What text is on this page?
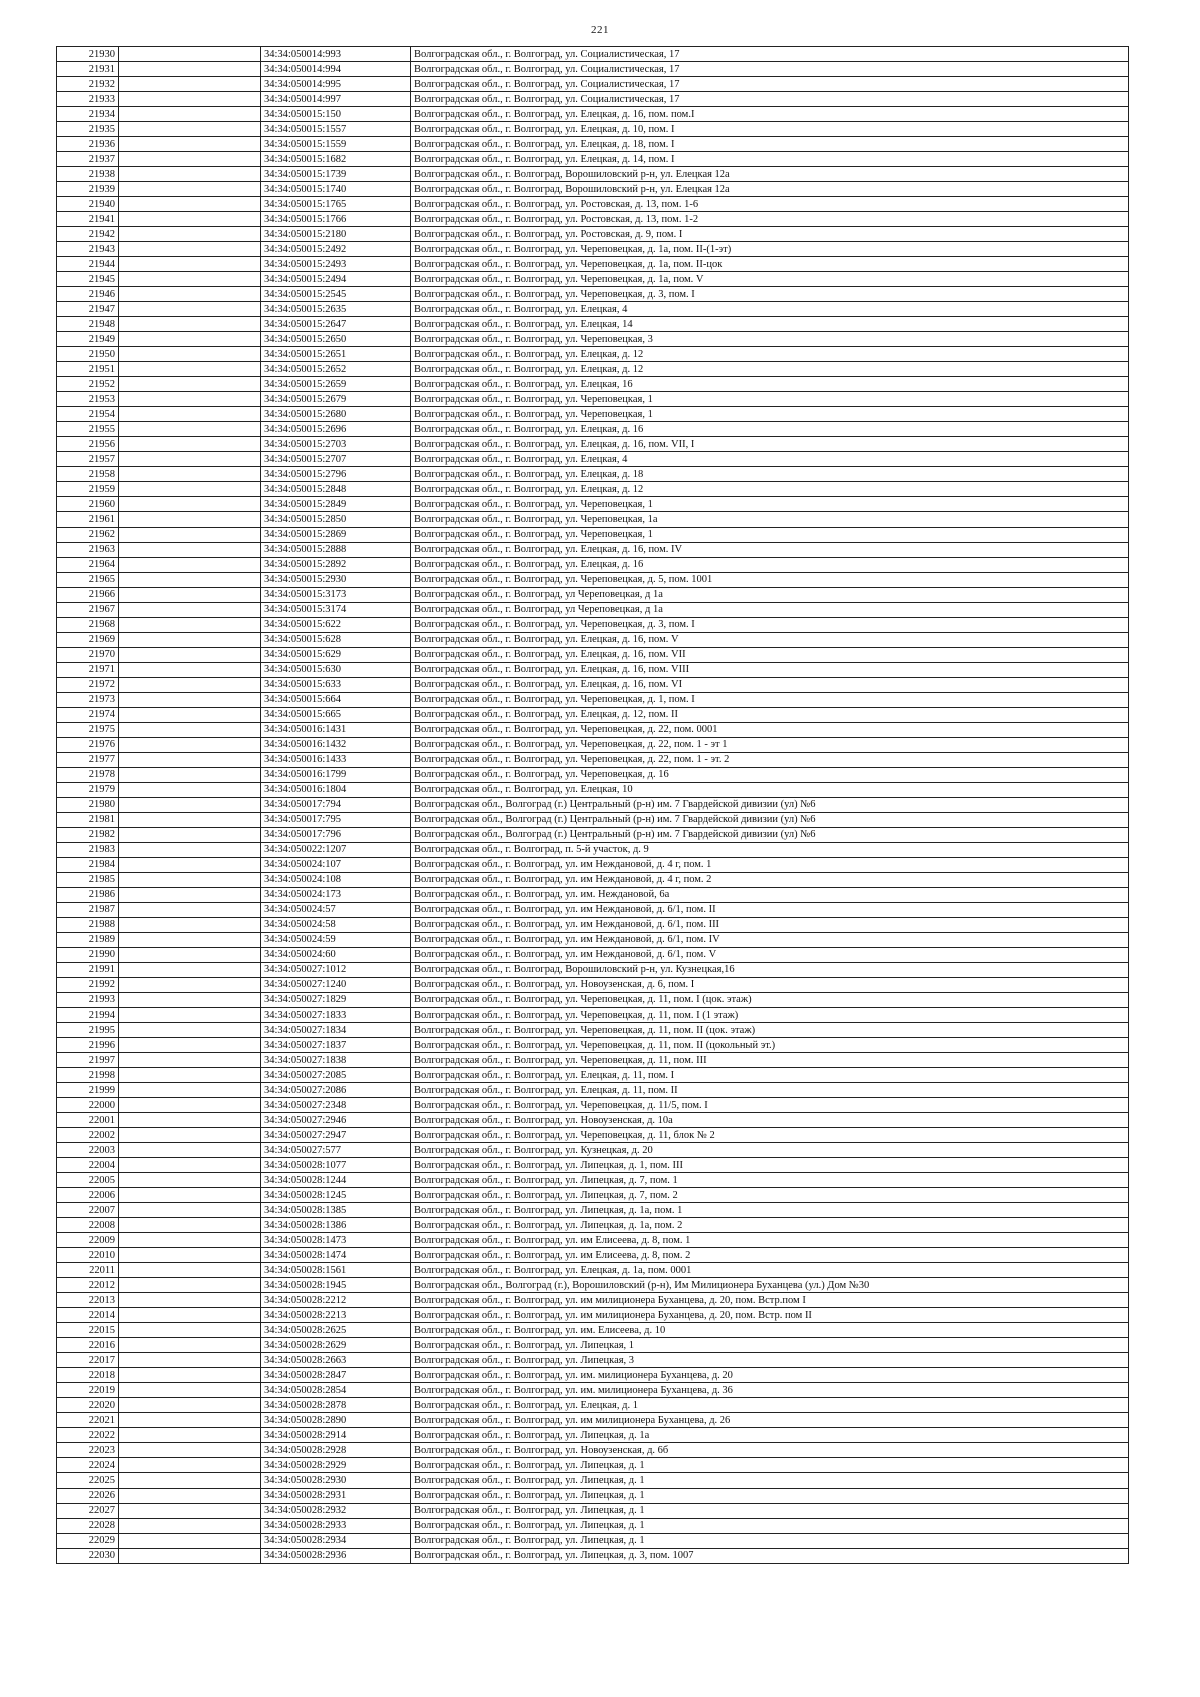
221
21930		34:34:050014:993	Волгоградская обл., г. Волгоград, ул. Социалистическая, 17
21931		34:34:050014:994	Волгоградская обл., г. Волгоград, ул. Социалистическая, 17
21932		34:34:050014:995	Волгоградская обл., г. Волгоград, ул. Социалистическая, 17
21933		34:34:050014:997	Волгоградская обл., г. Волгоград, ул. Социалистическая, 17
21934		34:34:050015:150	Волгоградская обл., г. Волгоград, ул. Елецкая, д. 16, пом. пом.I
21935		34:34:050015:1557	Волгоградская обл., г. Волгоград, ул. Елецкая, д. 10, пом. I
21936		34:34:050015:1559	Волгоградская обл., г. Волгоград, ул. Елецкая, д. 18, пом. I
21937		34:34:050015:1682	Волгоградская обл., г. Волгоград, ул. Елецкая, д. 14, пом. I
21938		34:34:050015:1739	Волгоградская обл., г. Волгоград, Ворошиловский р-н, ул. Елецкая 12а
21939		34:34:050015:1740	Волгоградская обл., г. Волгоград, Ворошиловский р-н, ул. Елецкая 12а
21940		34:34:050015:1765	Волгоградская обл., г. Волгоград, ул. Ростовская, д. 13, пом. 1-6
21941		34:34:050015:1766	Волгоградская обл., г. Волгоград, ул. Ростовская, д. 13, пом. 1-2
21942		34:34:050015:2180	Волгоградская обл., г. Волгоград, ул. Ростовская, д. 9, пом. I
21943		34:34:050015:2492	Волгоградская обл., г. Волгоград, ул. Череповецкая, д. 1а, пом. II-(1-эт)
21944		34:34:050015:2493	Волгоградская обл., г. Волгоград, ул. Череповецкая, д. 1а, пом. II-цок
21945		34:34:050015:2494	Волгоградская обл., г. Волгоград, ул. Череповецкая, д. 1а, пом. V
21946		34:34:050015:2545	Волгоградская обл., г. Волгоград, ул. Череповецкая, д. 3, пом. I
21947		34:34:050015:2635	Волгоградская обл., г. Волгоград, ул. Елецкая, 4
21948		34:34:050015:2647	Волгоградская обл., г. Волгоград, ул. Елецкая, 14
21949		34:34:050015:2650	Волгоградская обл., г. Волгоград, ул. Череповецкая, 3
21950		34:34:050015:2651	Волгоградская обл., г. Волгоград, ул. Елецкая, д. 12
21951		34:34:050015:2652	Волгоградская обл., г. Волгоград, ул. Елецкая, д. 12
21952		34:34:050015:2659	Волгоградская обл., г. Волгоград, ул. Елецкая, 16
21953		34:34:050015:2679	Волгоградская обл., г. Волгоград, ул. Череповецкая, 1
21954		34:34:050015:2680	Волгоградская обл., г. Волгоград, ул. Череповецкая, 1
21955		34:34:050015:2696	Волгоградская обл., г. Волгоград, ул. Елецкая, д. 16
21956		34:34:050015:2703	Волгоградская обл., г. Волгоград, ул. Елецкая, д. 16, пом. VII, I
21957		34:34:050015:2707	Волгоградская обл., г. Волгоград, ул. Елецкая, 4
21958		34:34:050015:2796	Волгоградская обл., г. Волгоград, ул. Елецкая, д. 18
21959		34:34:050015:2848	Волгоградская обл., г. Волгоград, ул. Елецкая, д. 12
21960		34:34:050015:2849	Волгоградская обл., г. Волгоград, ул. Череповецкая, 1
21961		34:34:050015:2850	Волгоградская обл., г. Волгоград, ул. Череповецкая, 1а
21962		34:34:050015:2869	Волгоградская обл., г. Волгоград, ул. Череповецкая, 1
21963		34:34:050015:2888	Волгоградская обл., г. Волгоград, ул. Елецкая, д. 16, пом. IV
21964		34:34:050015:2892	Волгоградская обл., г. Волгоград, ул. Елецкая, д. 16
21965		34:34:050015:2930	Волгоградская обл., г. Волгоград, ул. Череповецкая, д. 5, пом. 1001
21966		34:34:050015:3173	Волгоградская обл., г. Волгоград, ул Череповецкая, д 1а
21967		34:34:050015:3174	Волгоградская обл., г. Волгоград, ул Череповецкая, д 1а
21968		34:34:050015:622	Волгоградская обл., г. Волгоград, ул. Череповецкая, д. 3, пом. I
21969		34:34:050015:628	Волгоградская обл., г. Волгоград, ул. Елецкая, д. 16, пом. V
21970		34:34:050015:629	Волгоградская обл., г. Волгоград, ул. Елецкая, д. 16, пом. VII
21971		34:34:050015:630	Волгоградская обл., г. Волгоград, ул. Елецкая, д. 16, пом. VIII
21972		34:34:050015:633	Волгоградская обл., г. Волгоград, ул. Елецкая, д. 16, пом. VI
21973		34:34:050015:664	Волгоградская обл., г. Волгоград, ул. Череповецкая, д. 1, пом. I
21974		34:34:050015:665	Волгоградская обл., г. Волгоград, ул. Елецкая, д. 12, пом. II
21975		34:34:050016:1431	Волгоградская обл., г. Волгоград, ул. Череповецкая, д. 22, пом. 0001
21976		34:34:050016:1432	Волгоградская обл., г. Волгоград, ул. Череповецкая, д. 22, пом. 1 - эт 1
21977		34:34:050016:1433	Волгоградская обл., г. Волгоград, ул. Череповецкая, д. 22, пом. 1 - эт. 2
21978		34:34:050016:1799	Волгоградская обл., г. Волгоград, ул. Череповецкая, д. 16
21979		34:34:050016:1804	Волгоградская обл., г. Волгоград, ул. Елецкая, 10
21980		34:34:050017:794	Волгоградская обл., Волгоград (г.) Центральный (р-н) им. 7 Гвардейской дивизии (ул) №6
21981		34:34:050017:795	Волгоградская обл., Волгоград (г.) Центральный (р-н) им. 7 Гвардейской дивизии (ул) №6
21982		34:34:050017:796	Волгоградская обл., Волгоград (г.) Центральный (р-н) им. 7 Гвардейской дивизии (ул) №6
21983		34:34:050022:1207	Волгоградская обл., г. Волгоград, п. 5-й участок, д. 9
21984		34:34:050024:107	Волгоградская обл., г. Волгоград, ул. им Неждановой, д. 4 г, пом. 1
21985		34:34:050024:108	Волгоградская обл., г. Волгоград, ул. им Неждановой, д. 4 г, пом. 2
21986		34:34:050024:173	Волгоградская обл., г. Волгоград, ул. им. Неждановой, 6а
21987		34:34:050024:57	Волгоградская обл., г. Волгоград, ул. им Неждановой, д. 6/1, пом. II
21988		34:34:050024:58	Волгоградская обл., г. Волгоград, ул. им Неждановой, д. 6/1, пом. III
21989		34:34:050024:59	Волгоградская обл., г. Волгоград, ул. им Неждановой, д. 6/1, пом. IV
21990		34:34:050024:60	Волгоградская обл., г. Волгоград, ул. им Неждановой, д. 6/1, пом. V
21991		34:34:050027:1012	Волгоградская обл., г. Волгоград, Ворошиловский р-н, ул. Кузнецкая,16
21992		34:34:050027:1240	Волгоградская обл., г. Волгоград, ул. Новоузенская, д. 6, пом. I
21993		34:34:050027:1829	Волгоградская обл., г. Волгоград, ул. Череповецкая, д. 11, пом. I (цок. этаж)
21994		34:34:050027:1833	Волгоградская обл., г. Волгоград, ул. Череповецкая, д. 11, пом. I (1 этаж)
21995		34:34:050027:1834	Волгоградская обл., г. Волгоград, ул. Череповецкая, д. 11, пом. II (цок. этаж)
21996		34:34:050027:1837	Волгоградская обл., г. Волгоград, ул. Череповецкая, д. 11, пом. II (цокольный эт.)
21997		34:34:050027:1838	Волгоградская обл., г. Волгоград, ул. Череповецкая, д. 11, пом. III
21998		34:34:050027:2085	Волгоградская обл., г. Волгоград, ул. Елецкая, д. 11, пом. I
21999		34:34:050027:2086	Волгоградская обл., г. Волгоград, ул. Елецкая, д. 11, пом. II
22000		34:34:050027:2348	Волгоградская обл., г. Волгоград, ул. Череповецкая, д. 11/5, пом. I
22001		34:34:050027:2946	Волгоградская обл., г. Волгоград, ул. Новоузенская, д. 10а
22002		34:34:050027:2947	Волгоградская обл., г. Волгоград, ул. Череповецкая, д. 11, блок № 2
22003		34:34:050027:577	Волгоградская обл., г. Волгоград, ул. Кузнецкая, д. 20
22004		34:34:050028:1077	Волгоградская обл., г. Волгоград, ул. Липецкая, д. 1, пом. III
22005		34:34:050028:1244	Волгоградская обл., г. Волгоград, ул. Липецкая, д. 7, пом. 1
22006		34:34:050028:1245	Волгоградская обл., г. Волгоград, ул. Липецкая, д. 7, пом. 2
22007		34:34:050028:1385	Волгоградская обл., г. Волгоград, ул. Липецкая, д. 1а, пом. 1
22008		34:34:050028:1386	Волгоградская обл., г. Волгоград, ул. Липецкая, д. 1а, пом. 2
22009		34:34:050028:1473	Волгоградская обл., г. Волгоград, ул. им Елисеева, д. 8, пом. 1
22010		34:34:050028:1474	Волгоградская обл., г. Волгоград, ул. им Елисеева, д. 8, пом. 2
22011		34:34:050028:1561	Волгоградская обл., г. Волгоград, ул. Елецкая, д. 1а, пом. 0001
22012		34:34:050028:1945	Волгоградская обл., Волгоград (г.), Ворошиловский (р-н), Им Милиционера Буханцева (ул.) Дом №30
22013		34:34:050028:2212	Волгоградская обл., г. Волгоград, ул. им милиционера Буханцева, д. 20, пом. Встр.пом I
22014		34:34:050028:2213	Волгоградская обл., г. Волгоград, ул. им милиционера Буханцева, д. 20, пом. Встр. пом II
22015		34:34:050028:2625	Волгоградская обл., г. Волгоград, ул. им. Елисеева, д. 10
22016		34:34:050028:2629	Волгоградская обл., г. Волгоград, ул. Липецкая, 1
22017		34:34:050028:2663	Волгоградская обл., г. Волгоград, ул. Липецкая, 3
22018		34:34:050028:2847	Волгоградская обл., г. Волгоград, ул. им. милиционера Буханцева, д. 20
22019		34:34:050028:2854	Волгоградская обл., г. Волгоград, ул. им. милиционера Буханцева, д. 36
22020		34:34:050028:2878	Волгоградская обл., г. Волгоград, ул. Елецкая, д. 1
22021		34:34:050028:2890	Волгоградская обл., г. Волгоград, ул. им милиционера Буханцева, д. 26
22022		34:34:050028:2914	Волгоградская обл., г. Волгоград, ул. Липецкая, д. 1а
22023		34:34:050028:2928	Волгоградская обл., г. Волгоград, ул. Новоузенская, д. 6б
22024		34:34:050028:2929	Волгоградская обл., г. Волгоград, ул. Липецкая, д. 1
22025		34:34:050028:2930	Волгоградская обл., г. Волгоград, ул. Липецкая, д. 1
22026		34:34:050028:2931	Волгоградская обл., г. Волгоград, ул. Липецкая, д. 1
22027		34:34:050028:2932	Волгоградская обл., г. Волгоград, ул. Липецкая, д. 1
22028		34:34:050028:2933	Волгоградская обл., г. Волгоград, ул. Липецкая, д. 1
22029		34:34:050028:2934	Волгоградская обл., г. Волгоград, ул. Липецкая, д. 1
22030		34:34:050028:2936	Волгоградская обл., г. Волгоград, ул. Липецкая, д. 3, пом. 1007
